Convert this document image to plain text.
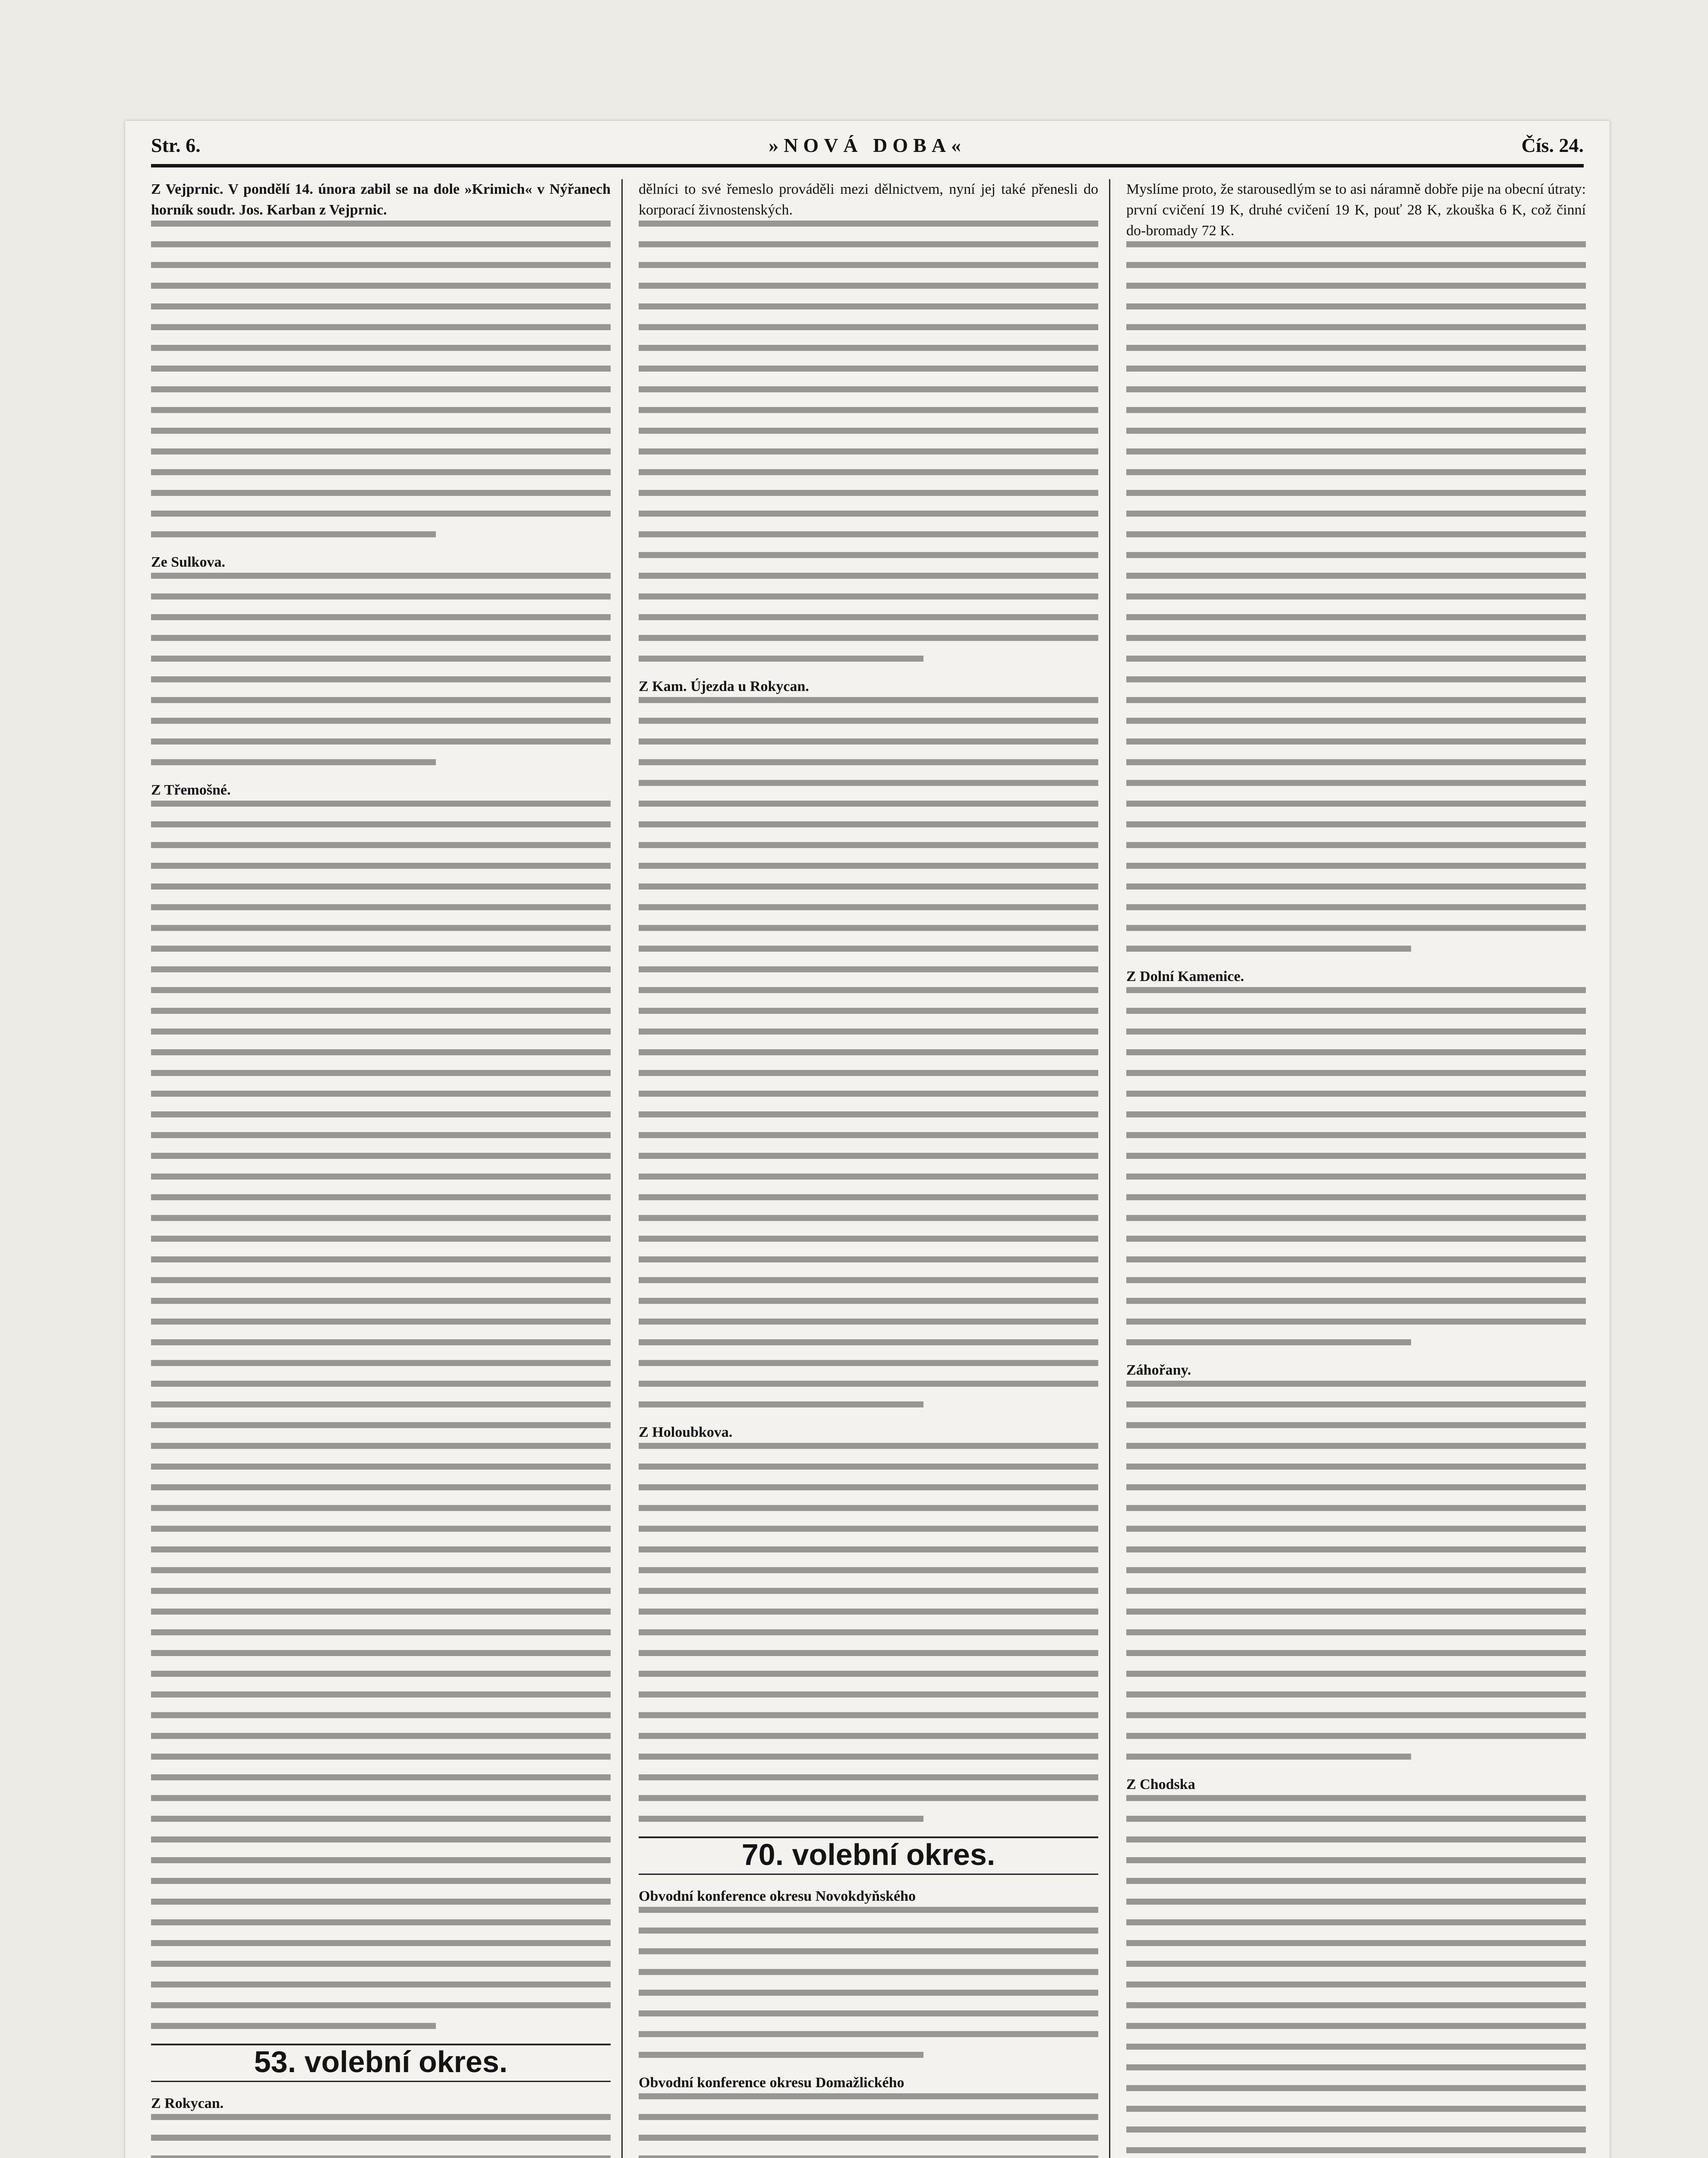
Str. 6.	»NOVÁ DOBA«	Čís. 24.
Z Vejprnic. V pondělí 14. února zabil se na dole »Krimich« v Nýřanech horník soudr. Jos. Karban z Vejprnic.
Ze Sulkova.
Z Třemošné.
53. volební okres.
Z Rokycan.
dělníci to své řemeslo prováděli mezi dělnictvem, nyní jej také přenesli do korporací živnostenských.
Z Kam. Újezda u Rokycan.
Z Holoubkova.
70. volební okres.
Obvodní konference okresu Novokdyňského
Obvodní konference okresu Domažlického
Myslíme proto, že starousedlým se to asi náramně dobře pije na obecní útraty: první cvičení 19 K, druhé cvičení 19 K, pouť 28 K, zkouška 6 K, což činní do-bromady 72 K.
Z Dolní Kamenice.
Záhořany.
Z Chodska
